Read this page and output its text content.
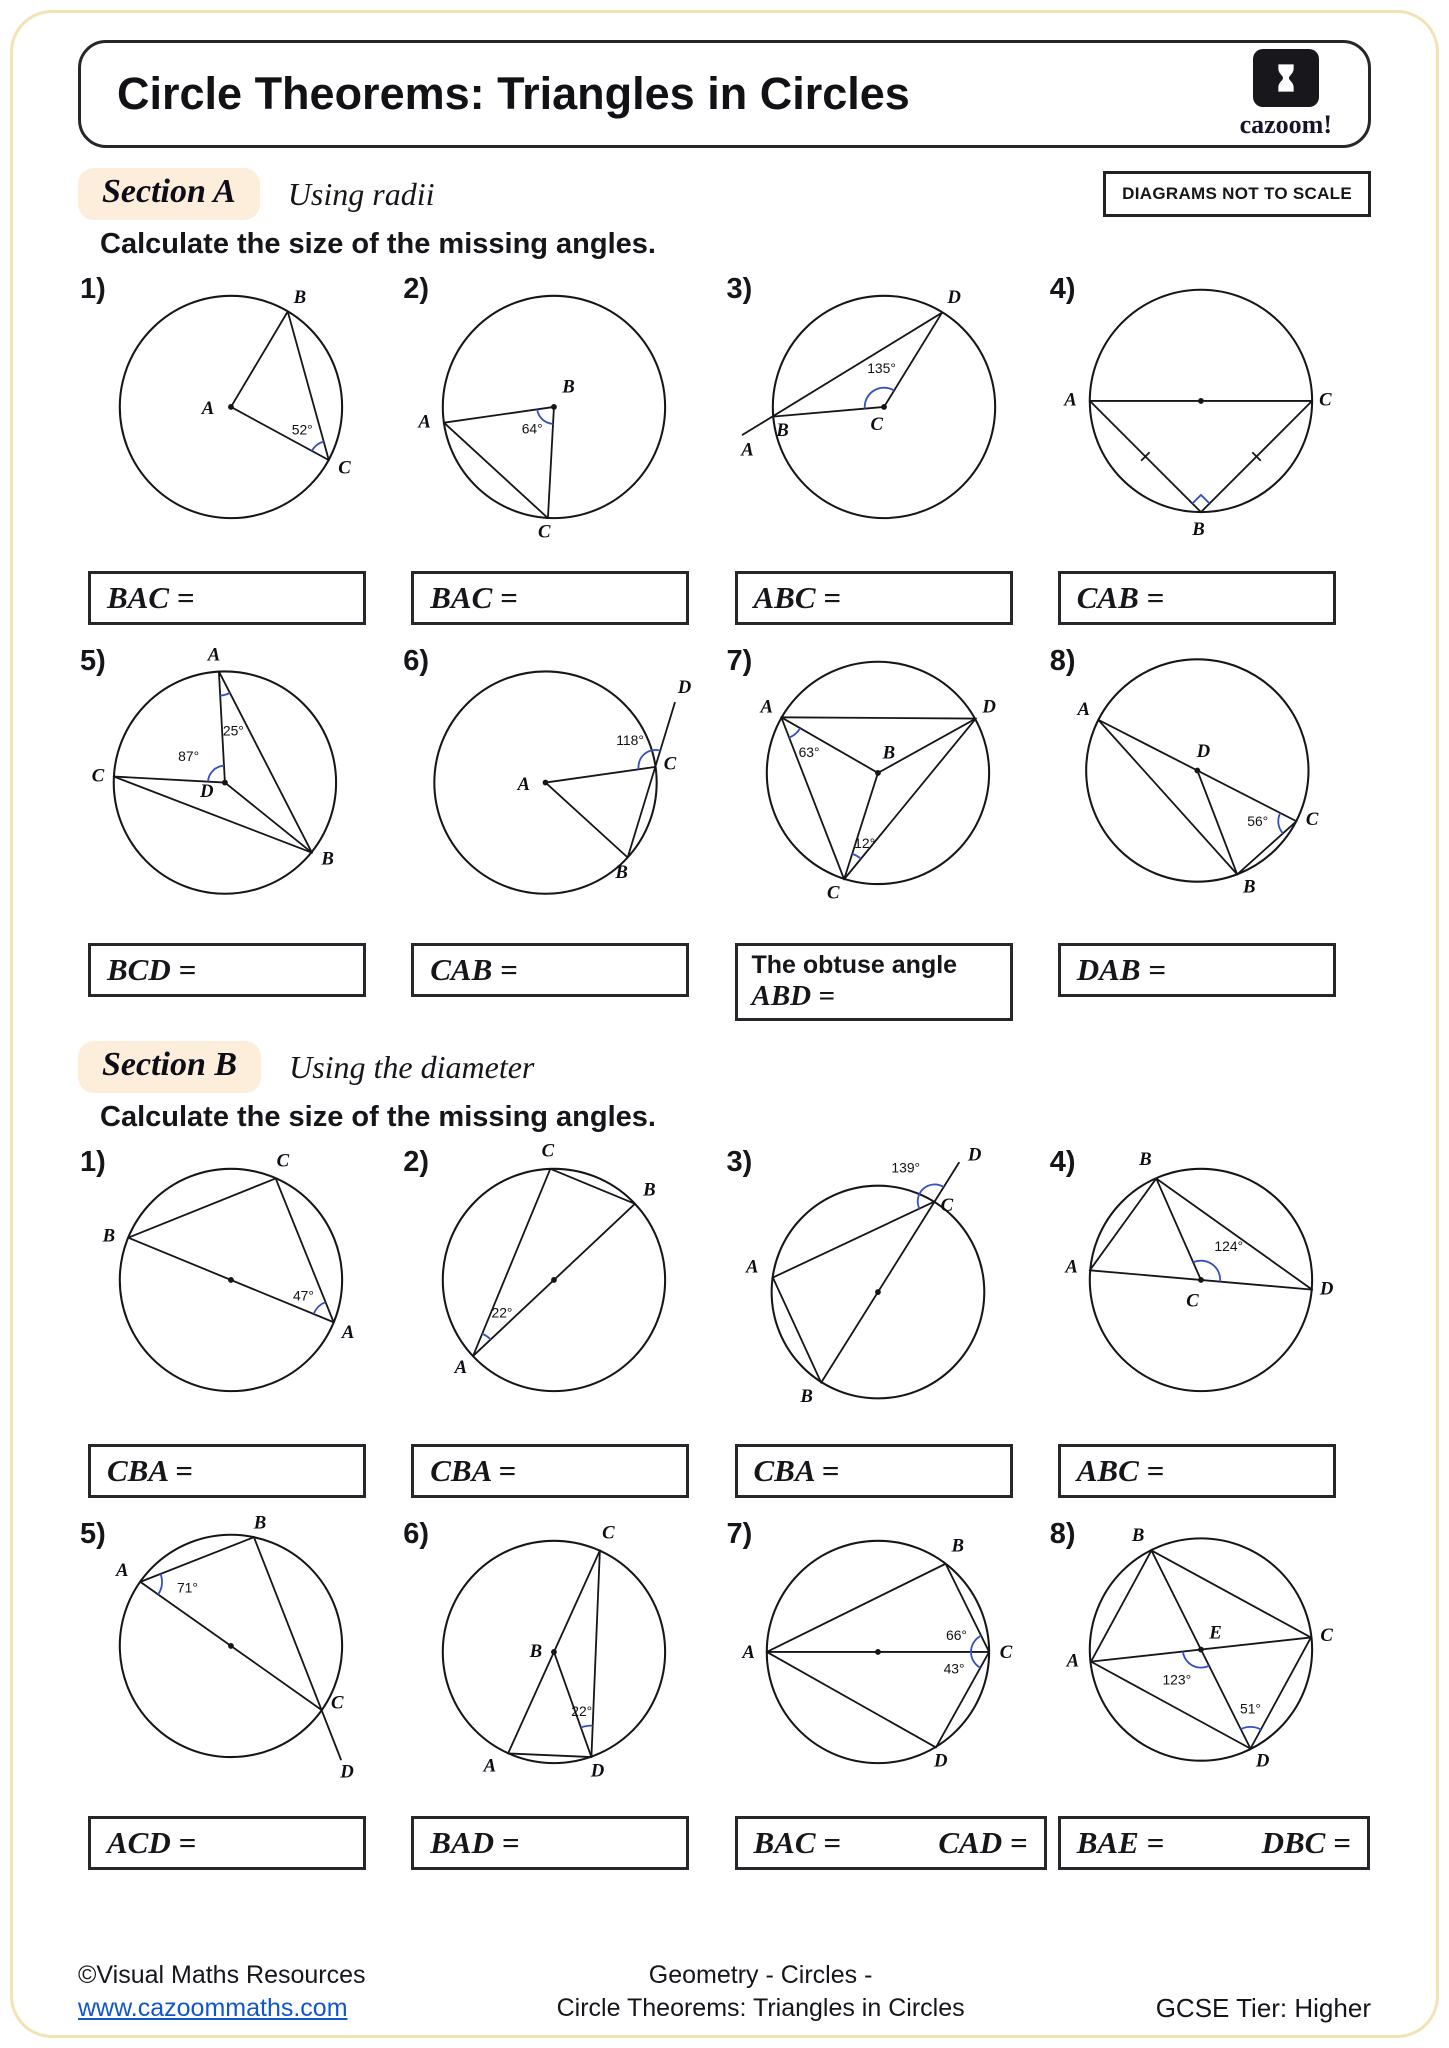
Circle Theorems: Triangles in Circles
cazoom!
Section A	Using radii	DIAGRAMS NOT TO SCALE
Calculate the size of the missing angles.
1)
A
B
C
52°
2)
A
B
C
64°
3)
A
B	C
D
135°
4)
A	C
B
BAC =	BAC =	ABC =	CAB =
5)	A
C
B
D
87°
25°
6)
A
C
B
D
118°
7)
A	D
B
C
63°
12°
8)
A
D
C
B
56°
BCD =	CAB =	The obtuse angle
ABD =
DAB =
Section B	Using the diameter
Calculate the size of the missing angles.
1)
B
C
A
47°
2)
A
B
C
22°
3)
A
B
C
D
139°	4)
A
B
D
C
124°
CBA =	CBA =	CBA =	ABC =
5)
A
B
C
D
71°
6)	C
A
B
D
22°
7)
A
B
C
D
66°
43°
8)	B
A
E	C
D
123°
51°
ACD =	BAD =	BAC =	CAD = BAE =	DBC =
©Visual Maths Resources
www.cazoommaths.com
Geometry - Circles -
Circle Theorems: Triangles in Circles	GCSE Tier: Higher
